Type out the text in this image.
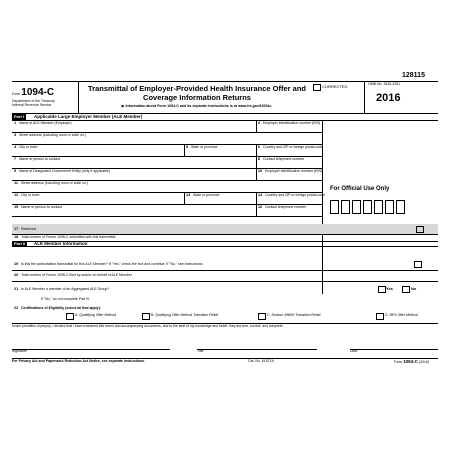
128115
Form 1094-C
Department of the Treasury
Internal Revenue Service
Transmittal of Employer-Provided Health Insurance Offer and
Coverage Information Returns
▶ Information about Form 1094-C and its separate instructions is at www.irs.gov/f1094c.
CORRECTED	OMB No. 1545-2251
2016
Part I	Applicable Large Employer Member (ALE Member)
1 Name of ALE Member (Employer)	2 Employer identification number (EIN)
3 Street address (including room or suite no.)
4 City or town	5 State or province	6 Country and ZIP or foreign postal code
7 Name of person to contact	8 Contact telephone number
9 Name of Designated Government Entity (only if applicable)	10 Employer identification number (EIN)
11 Street address (including room or suite no.)
12 City or town	13 State or province	14 Country and ZIP or foreign postal code
15 Name of person to contact	16 Contact telephone number
For Official Use Only
17 Reserved
18 Total number of Forms 1095-C submitted with this transmittal
Part II	ALE Member Information
19 Is this the authoritative transmittal for this ALE Member? If "Yes," check the box and continue. If "No," see instructions
20 Total number of Forms 1095-C filed by and/or on behalf of ALE Member
21 Is ALE Member a member of an Aggregated ALE Group?	Yes	No
If "No," do not complete Part IV.
22 Certifications of Eligibility (select all that apply):
A. Qualifying Offer Method	B. Qualifying Offer Method Transition Relief	C. Section 4980H Transition Relief	D. 98% Offer Method
Under penalties of perjury, I declare that I have examined this return and accompanying documents, and to the best of my knowledge and belief, they are true, correct, and complete.
Signature	Title	Date
For Privacy Act and Paperwork Reduction Act Notice, see separate instructions.	Cat. No. 61571A	Form 1094-C (2016)
